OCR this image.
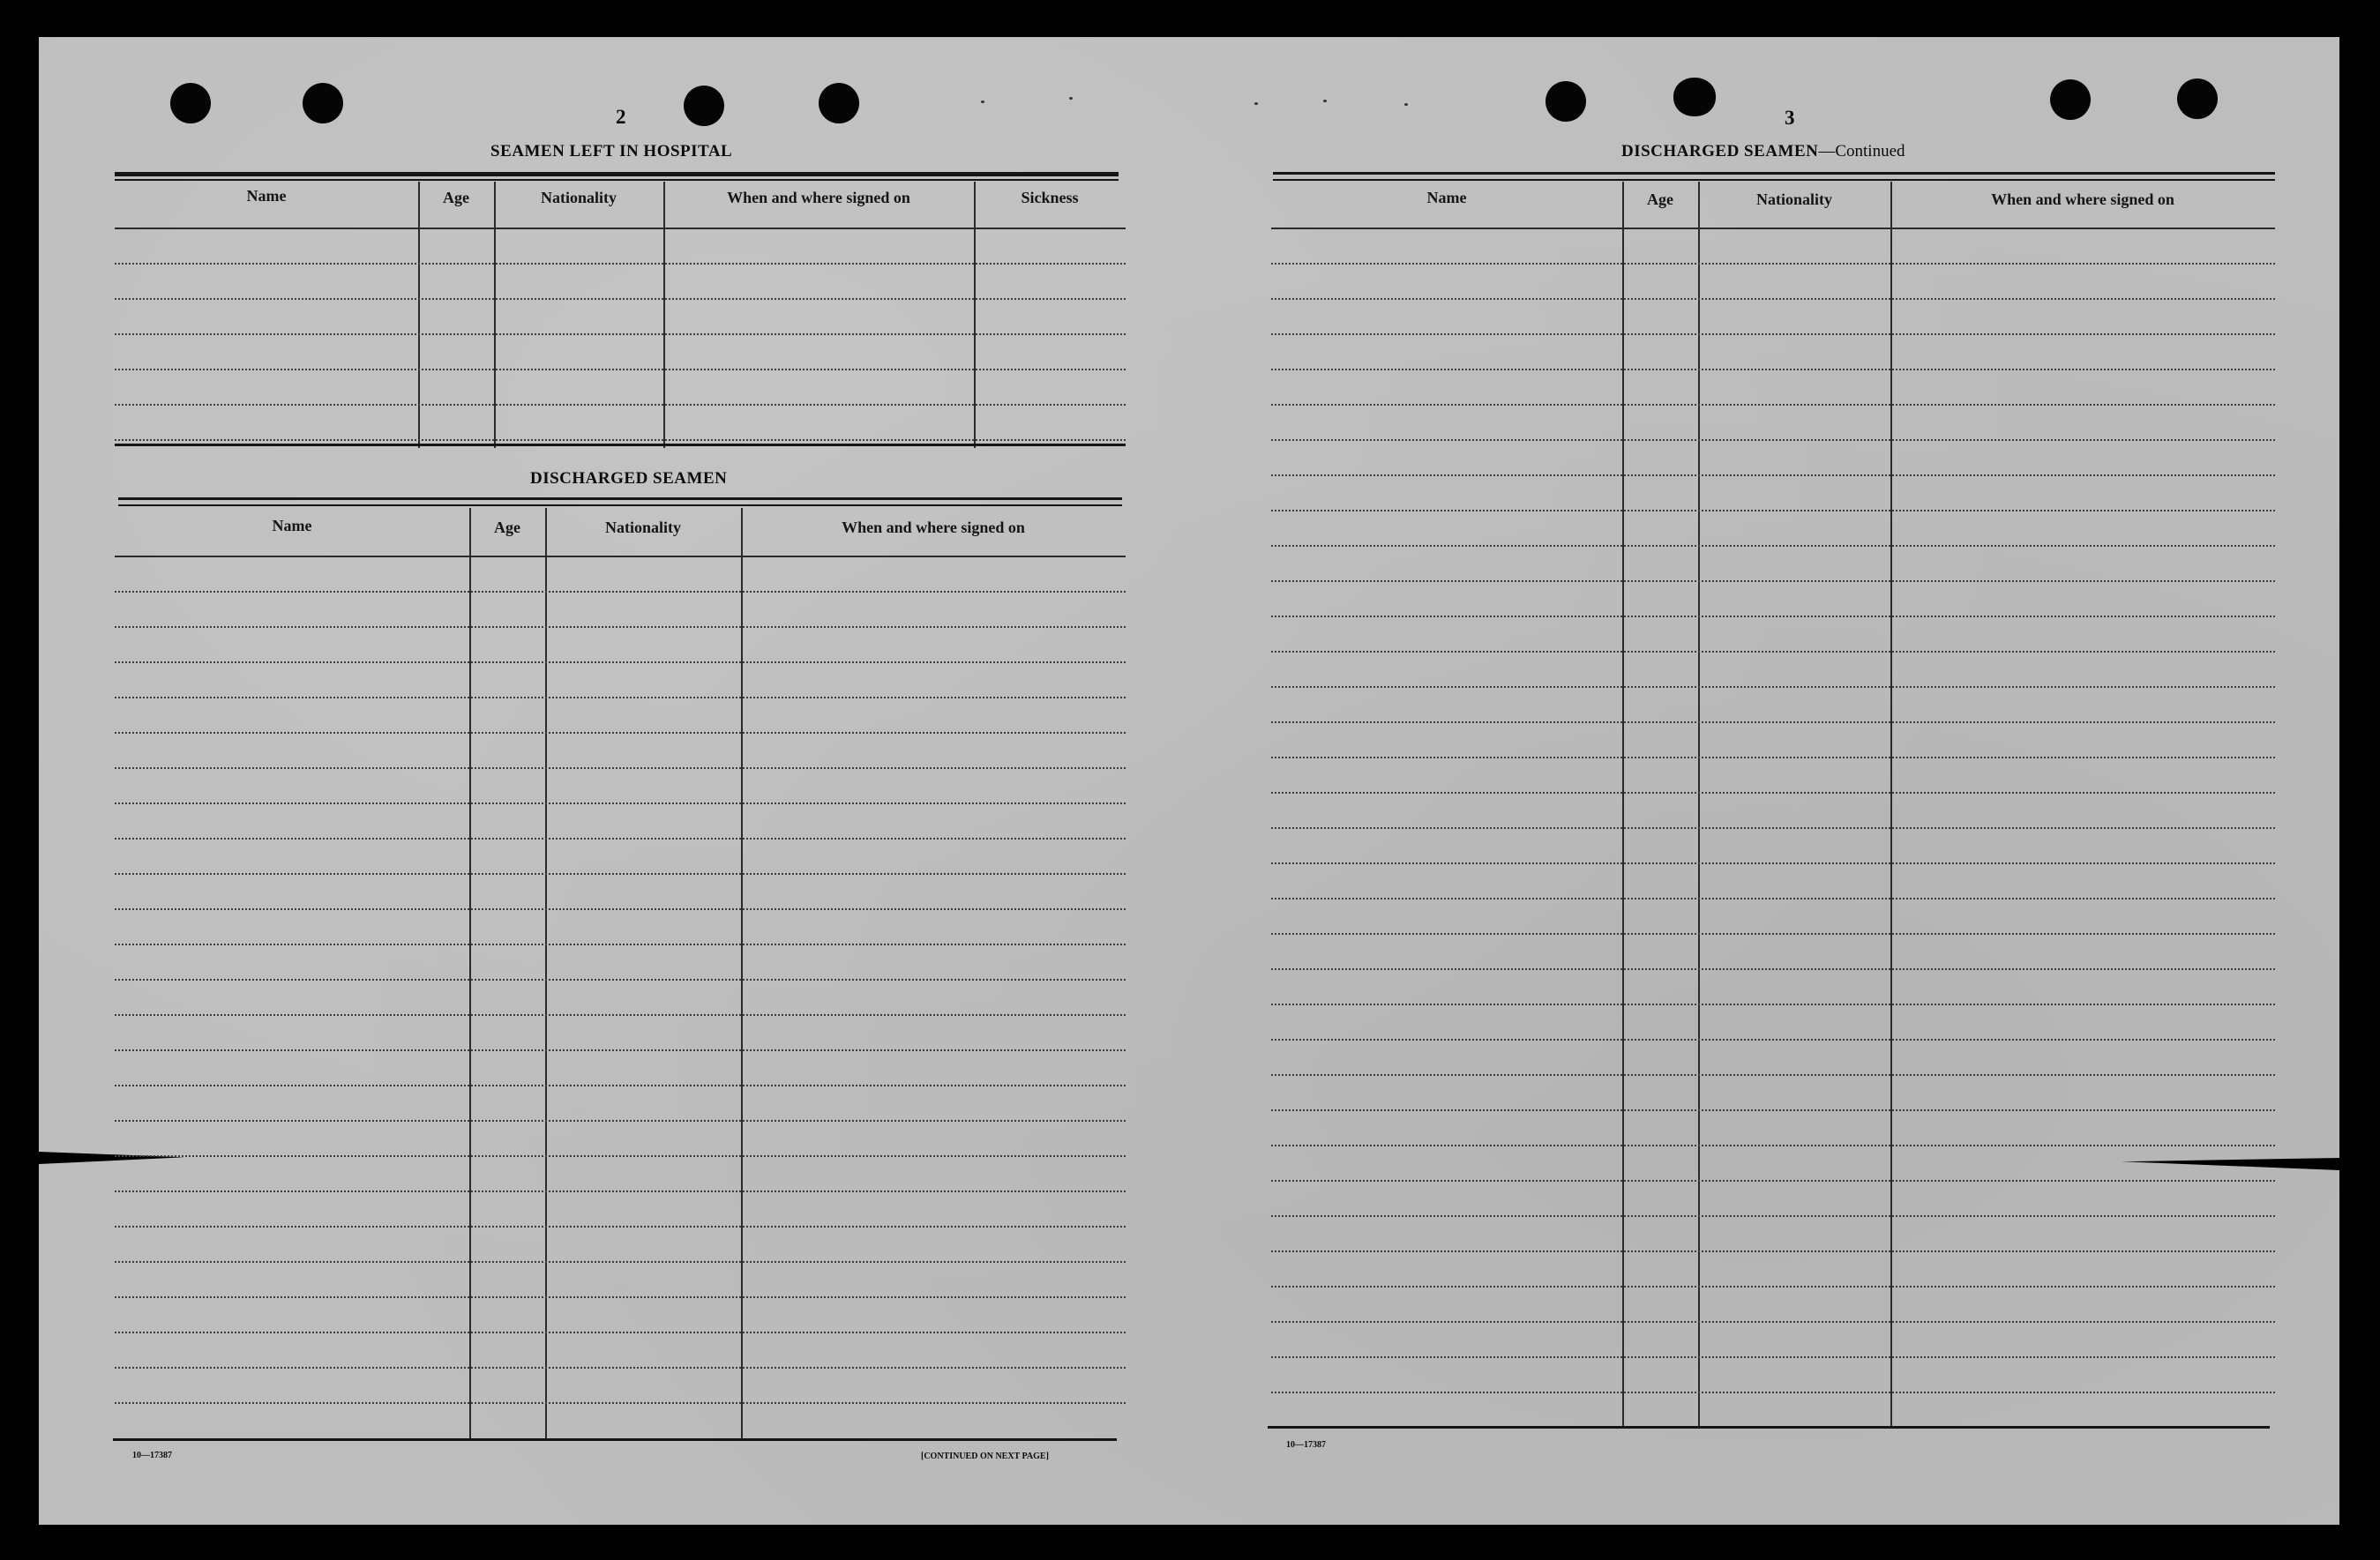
2
SEAMEN LEFT IN HOSPITAL
Name	Age	Nationality	When and where signed on	Sickness
DISCHARGED SEAMEN
Name	Age	Nationality	When and where signed on
10—17387	[CONTINUED ON NEXT PAGE]
3
DISCHARGED SEAMEN—Continued
Name	Age	Nationality	When and where signed on
10—17387
